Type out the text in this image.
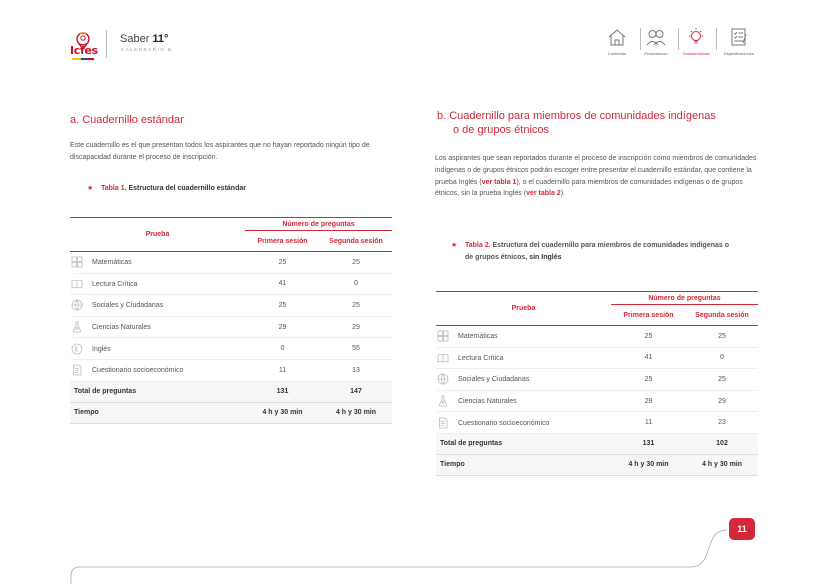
Icfes
Saber 11°
CALENDARIO B
Contenido	Presentación	Características	Especificaciones
a. Cuadernillo estándar
Este cuadernillo es el que presentan todos los aspirantes que no hayan reportado ningún tipo de discapacidad durante el proceso de inscripción.
★ Tabla 1. Estructura del cuadernillo estándar
Prueba	Número de preguntas	
	Primera sesión	Segunda sesión
Matemáticas	25	25
Lectura Crítica	41	0
Sociales y Ciudadanas	25	25
Ciencias Naturales	29	29
Inglés	0	55
Cuestionario socioeconómico	11	13
Total de preguntas	131	147
Tiempo	4 h y 30 min	4 h y 30 min
b. Cuadernillo para miembros de comunidades indígenas
o de grupos étnicos
Los aspirantes que sean reportados durante el proceso de inscripción como miembros de comunidades indígenas o de grupos étnicos podrán escoger entre presentar el cuadernillo estándar, que contiene la prueba Inglés (ver tabla 1), o el cuadernillo para miembros de comunidades indígenas o de grupos étnicos, sin la prueba Inglés (ver tabla 2).
★ Tabla 2. Estructura del cuadernillo para miembros de comunidades indígenas o de grupos étnicos, sin Inglés
Prueba	Número de preguntas	
	Primera sesión	Segunda sesión
Matemáticas	25	25
Lectura Crítica	41	0
Sociales y Ciudadanas	25	25
Ciencias Naturales	29	29
Cuestionario socioeconómico	11	23
Total de preguntas	131	102
Tiempo	4 h y 30 min	4 h y 30 min
11
